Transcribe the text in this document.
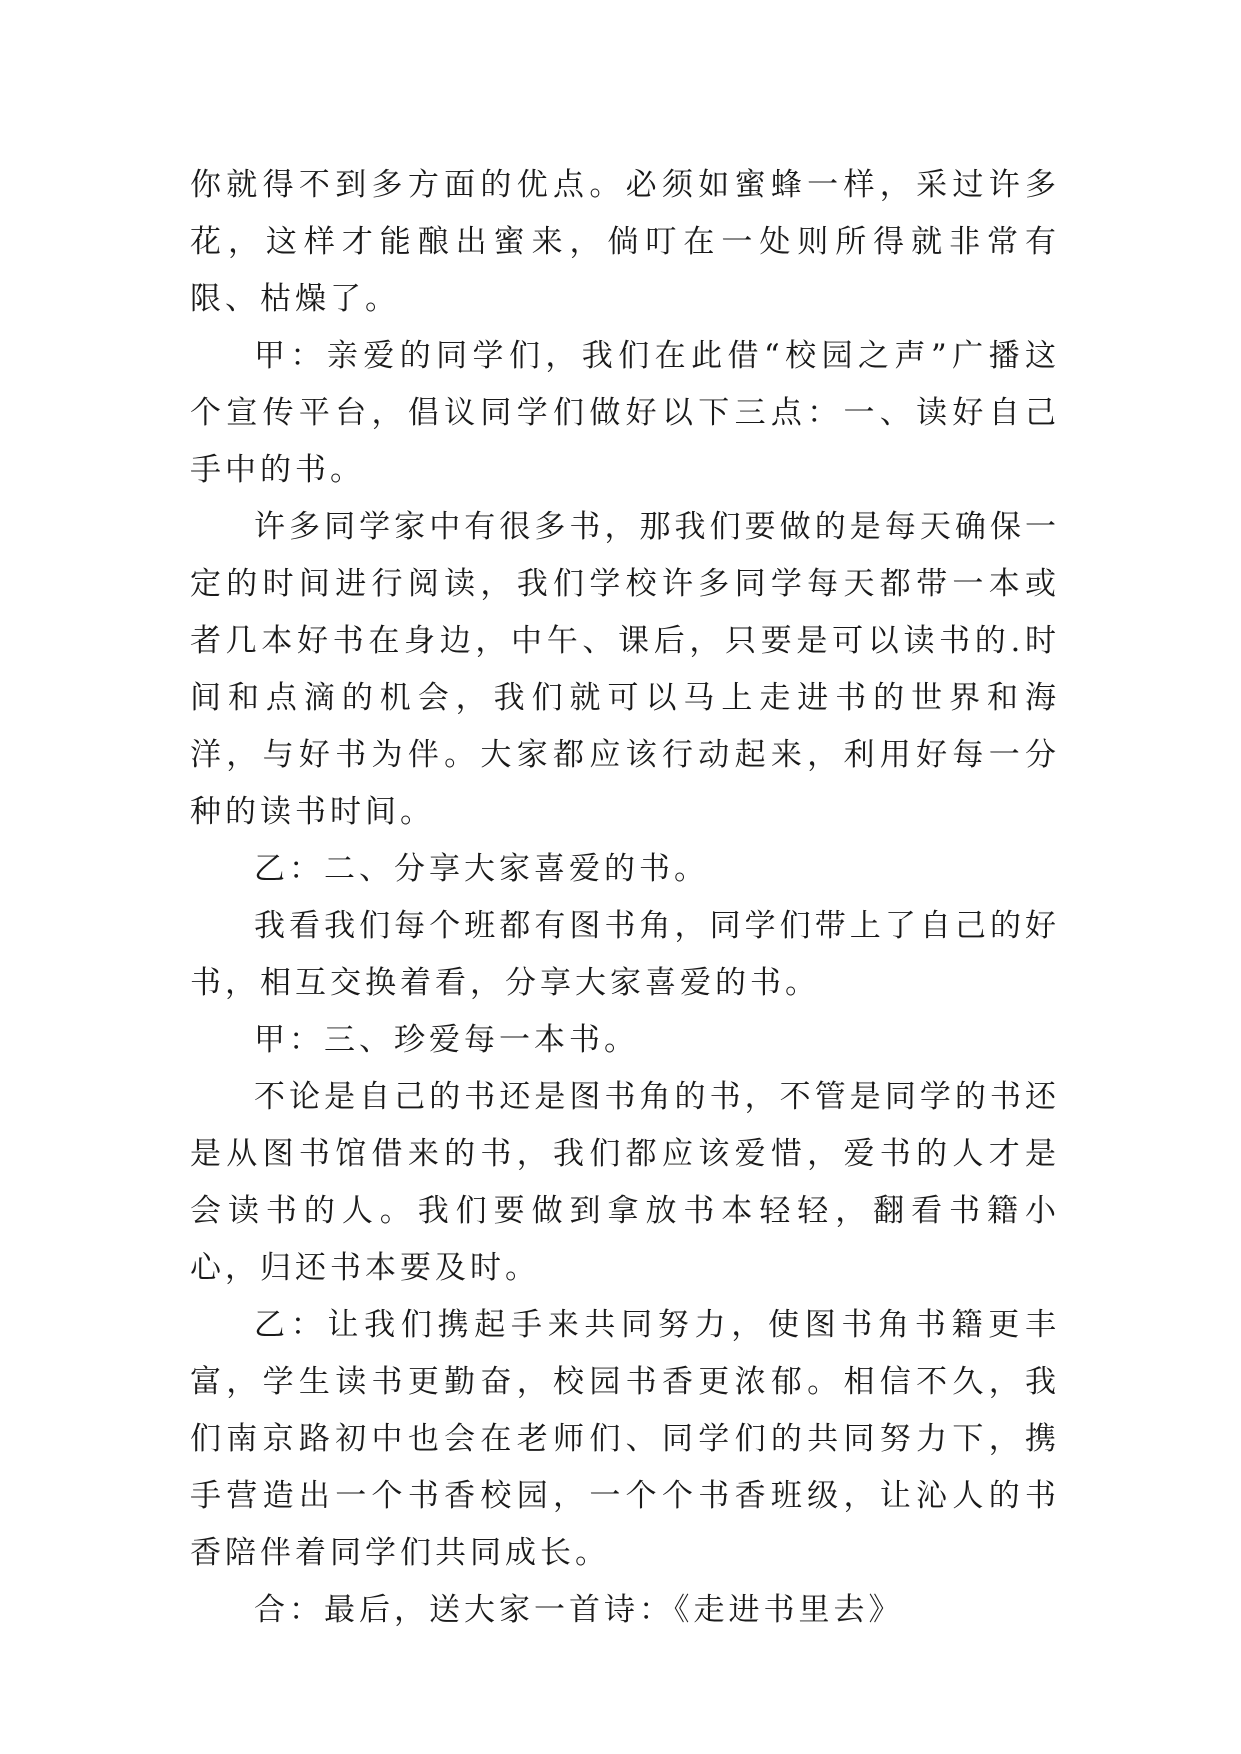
你就得不到多方面的优点。必须如蜜蜂一样，采过许多花，这样才能酿出蜜来，倘叮在一处则所得就非常有限、枯燥了。

甲：亲爱的同学们，我们在此借“校园之声”广播这个宣传平台，倡议同学们做好以下三点：一、读好自己手中的书。

许多同学家中有很多书，那我们要做的是每天确保一定的时间进行阅读，我们学校许多同学每天都带一本或者几本好书在身边，中午、课后，只要是可以读书的.时间和点滴的机会，我们就可以马上走进书的世界和海洋，与好书为伴。大家都应该行动起来，利用好每一分种的读书时间。

乙：二、分享大家喜爱的书。

我看我们每个班都有图书角，同学们带上了自己的好书，相互交换着看，分享大家喜爱的书。

甲：三、珍爱每一本书。

不论是自己的书还是图书角的书，不管是同学的书还是从图书馆借来的书，我们都应该爱惜，爱书的人才是会读书的人。我们要做到拿放书本轻轻，翻看书籍小心，归还书本要及时。

乙：让我们携起手来共同努力，使图书角书籍更丰富，学生读书更勤奋，校园书香更浓郁。相信不久，我们南京路初中也会在老师们、同学们的共同努力下，携手营造出一个书香校园，一个个书香班级，让沁人的书香陪伴着同学们共同成长。

合：最后，送大家一首诗：《走进书里去》
